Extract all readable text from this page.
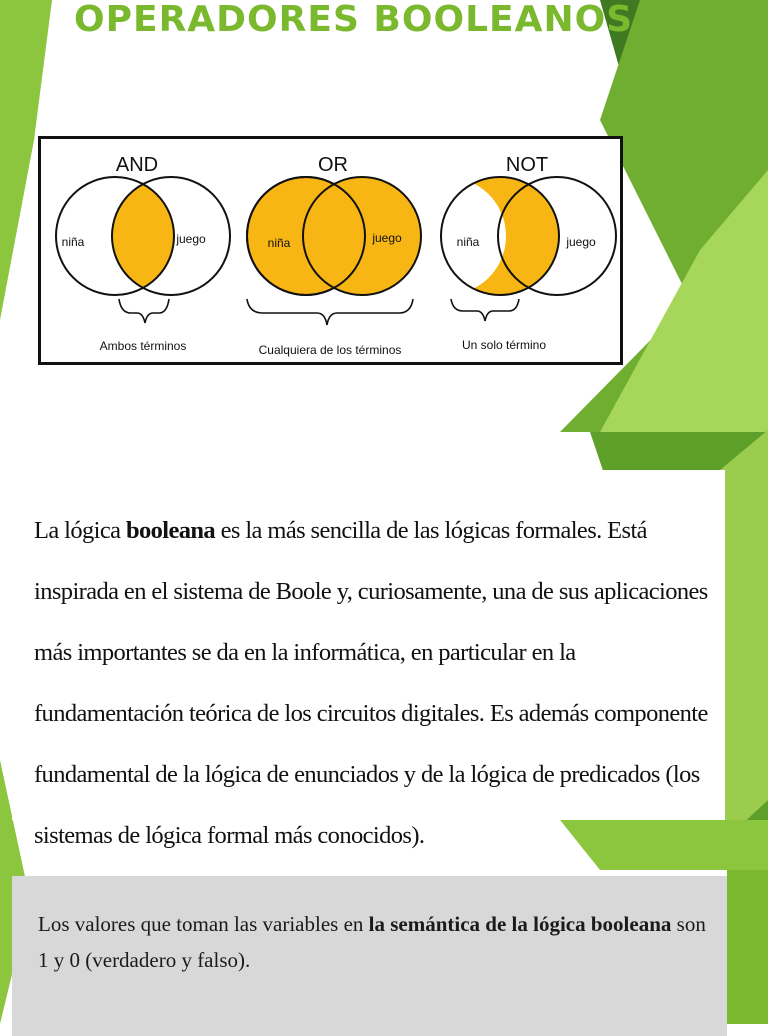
OPERADORES BOOLEANOS
AND
niña	juego
Ambos términos
OR
niña	juego
Cualquiera de los términos
NOT
niña	juego
Un solo término

La lógica booleana es la más sencilla de las lógicas formales. Está inspirada en el sistema de Boole y, curiosamente, una de sus aplicaciones más importantes se da en la informática, en particular en la fundamentación teórica de los circuitos digitales. Es además componente fundamental de la lógica de enunciados y de la lógica de predicados (los sistemas de lógica formal más conocidos).

Los valores que toman las variables en la semántica de la lógica booleana son 1 y 0 (verdadero y falso).
